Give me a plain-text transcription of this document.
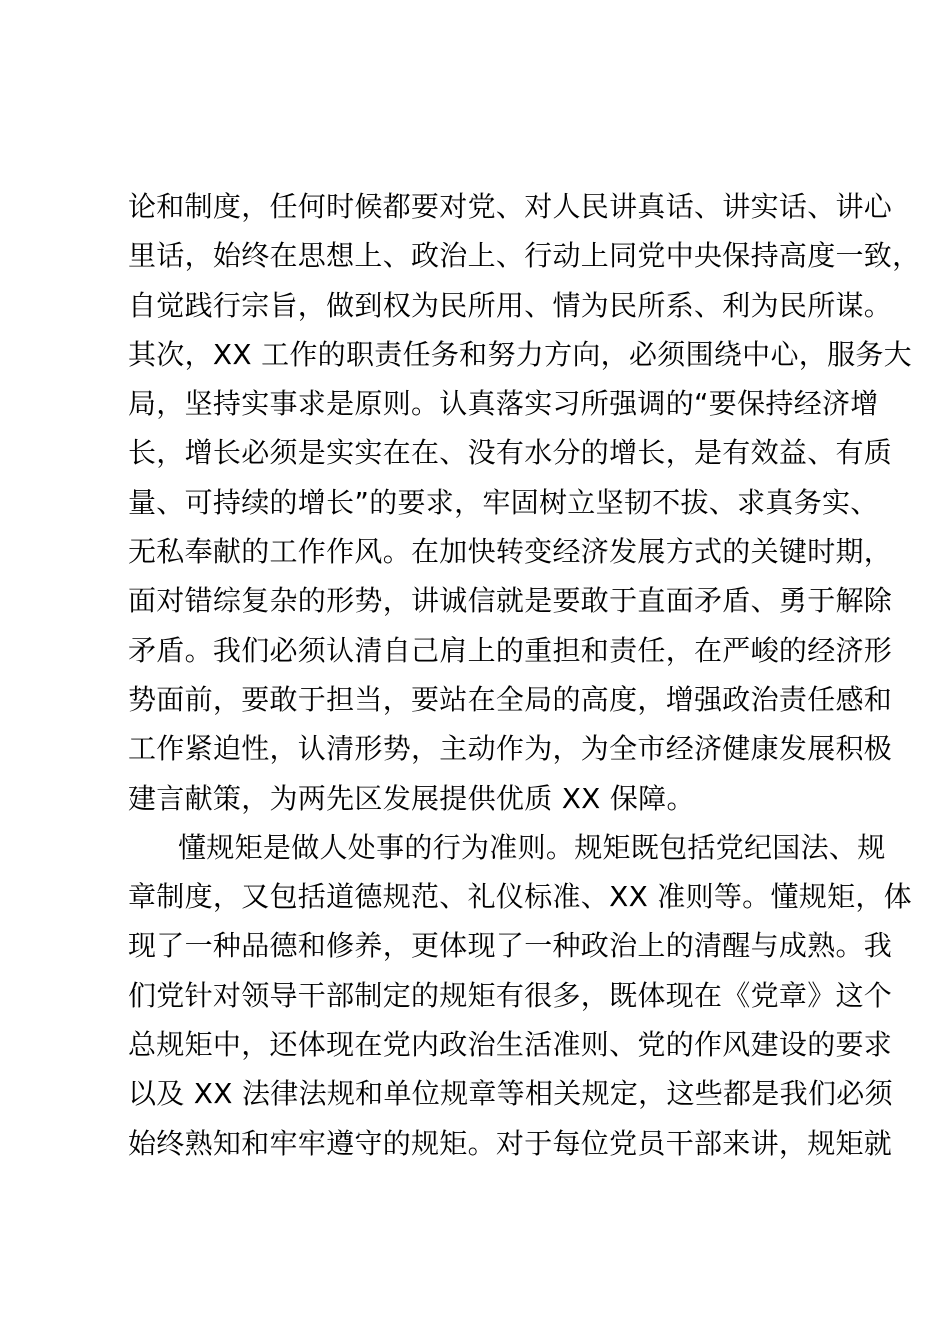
论和制度，任何时候都要对党、对人民讲真话、讲实话、讲心
里话，始终在思想上、政治上、行动上同党中央保持高度一致，
自觉践行宗旨，做到权为民所用、情为民所系、利为民所谋。
其次，XX 工作的职责任务和努力方向，必须围绕中心，服务大
局，坚持实事求是原则。认真落实习所强调的“要保持经济增
长，增长必须是实实在在、没有水分的增长，是有效益、有质
量、可持续的增长”的要求，牢固树立坚韧不拔、求真务实、
无私奉献的工作作风。在加快转变经济发展方式的关键时期，
面对错综复杂的形势，讲诚信就是要敢于直面矛盾、勇于解除
矛盾。我们必须认清自己肩上的重担和责任，在严峻的经济形
势面前，要敢于担当，要站在全局的高度，增强政治责任感和
工作紧迫性，认清形势，主动作为，为全市经济健康发展积极
建言献策，为两先区发展提供优质 XX 保障。
懂规矩是做人处事的行为准则。规矩既包括党纪国法、规
章制度，又包括道德规范、礼仪标准、XX 准则等。懂规矩，体
现了一种品德和修养，更体现了一种政治上的清醒与成熟。我
们党针对领导干部制定的规矩有很多，既体现在《党章》这个
总规矩中，还体现在党内政治生活准则、党的作风建设的要求
以及 XX 法律法规和单位规章等相关规定，这些都是我们必须
始终熟知和牢牢遵守的规矩。对于每位党员干部来讲，规矩就
